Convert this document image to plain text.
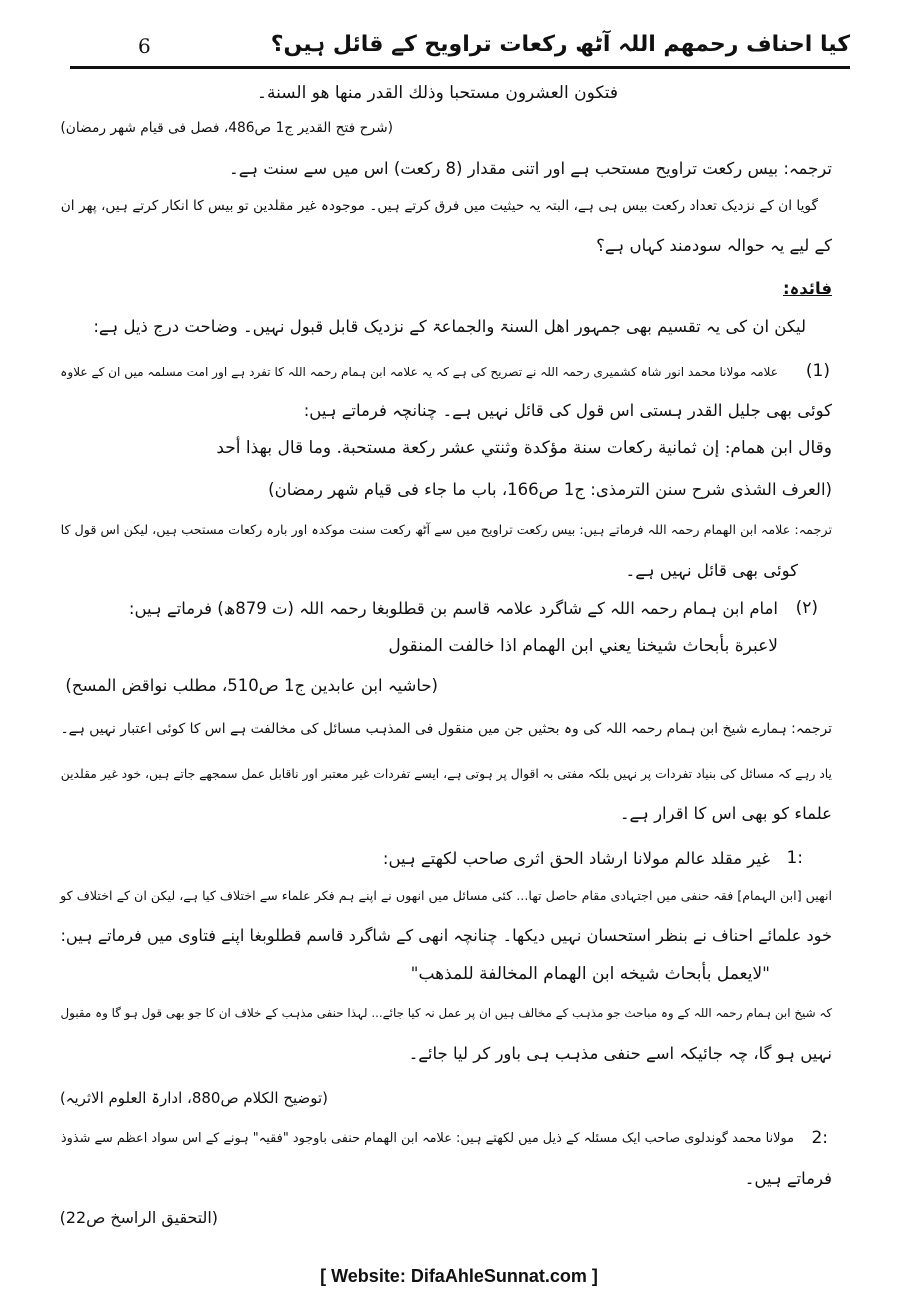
کیا احناف رحمھم اللہ آٹھ رکعات تراویح کے قائل ہیں؟
6
فتکون العشرون مستحبا وذلك القدر منها هو السنة۔
(شرح فتح القدیر ج1 ص486، فصل فی قیام شھر رمضان)
ترجمہ: بیس رکعت تراویح مستحب ہے اور اتنی مقدار (8 رکعت) اس میں سے سنت ہے۔
گویا ان کے نزدیک تعداد رکعت بیس ہی ہے، البتہ یہ حیثیت میں فرق کرتے ہیں۔ موجودہ غیر مقلدین تو بیس کا انکار کرتے ہیں، پھر ان
کے لیے یہ حوالہ سودمند کہاں ہے؟
فائدہ:
لیکن ان کی یہ تقسیم بھی جمہور اھل السنۃ والجماعۃ کے نزدیک قابل قبول نہیں۔ وضاحت درج ذیل ہے:
(1)
علامہ مولانا محمد انور شاہ کشمیری رحمہ اللہ نے تصریح کی ہے کہ یہ علامہ ابن ہمام رحمہ اللہ کا تفرد ہے اور امت مسلمہ میں ان کے علاوہ
کوئی بھی جلیل القدر ہستی اس قول کی قائل نہیں ہے۔ چنانچہ فرماتے ہیں:
وقال ابن همام: إن ثمانية ركعات سنة مؤكدة وثنتي عشر ركعة مستحبة. وما قال بهذا أحد
(العرف الشذی شرح سنن الترمذی: ج1 ص166، باب ما جاء فی قیام شھر رمضان)
ترجمہ: علامہ ابن الھمام رحمہ اللہ فرماتے ہیں: بیس رکعت تراویح میں سے آٹھ رکعت سنت موکدہ اور بارہ رکعات مستحب ہیں، لیکن اس قول کا
کوئی بھی قائل نہیں ہے۔
(۲)
امام ابن ہمام رحمہ اللہ کے شاگرد علامہ قاسم بن قطلوبغا رحمہ اللہ (ت 879ھ) فرماتے ہیں:
لاعبرة بأبحاث شيخنا يعني ابن الهمام اذا خالفت المنقول
(حاشیہ ابن عابدین ج1 ص510، مطلب نواقض المسح)
ترجمہ: ہمارے شیخ ابن ہمام رحمہ اللہ کی وہ بحثیں جن میں منقول فی المذہب مسائل کی مخالفت ہے اس کا کوئی اعتبار نہیں ہے۔
یاد رہے کہ مسائل کی بنیاد تفردات پر نہیں بلکہ مفتی بہ اقوال پر ہوتی ہے، ایسے تفردات غیر معتبر اور ناقابل عمل سمجھے جاتے ہیں، خود غیر مقلدین
علماء کو بھی اس کا اقرار ہے۔
1:
غیر مقلد عالم مولانا ارشاد الحق اثری صاحب لکھتے ہیں:
انھیں [ابن الہمام] فقہ حنفی میں اجتہادی مقام حاصل تھا... کئی مسائل میں انھوں نے اپنے ہم فکر علماء سے اختلاف کیا ہے، لیکن ان کے اختلاف کو
خود علمائے احناف نے بنظر استحسان نہیں دیکھا۔ چنانچہ انھی کے شاگرد قاسم قطلوبغا اپنے فتاوی میں فرماتے ہیں:
"لایعمل بأبحاث شیخه ابن الهمام المخالفة للمذهب"
کہ شیخ ابن ہمام رحمہ اللہ کے وہ مباحث جو مذہب کے مخالف ہیں ان پر عمل نہ کیا جائے... لہذا حنفی مذہب کے خلاف ان کا جو بھی قول ہو گا وہ مقبول
نہیں ہو گا، چہ جائیکہ اسے حنفی مذہب ہی باور کر لیا جائے۔
(توضیح الکلام ص880، ادارۃ العلوم الاثریہ)
2:
مولانا محمد گوندلوی صاحب ایک مسئلہ کے ذیل میں لکھتے ہیں: علامہ ابن الھمام حنفی باوجود "فقیہ" ہونے کے اس سواد اعظم سے شذوذ
فرماتے ہیں۔
(التحقیق الراسخ ص22)
[ Website: DifaAhleSunnat.com ]
